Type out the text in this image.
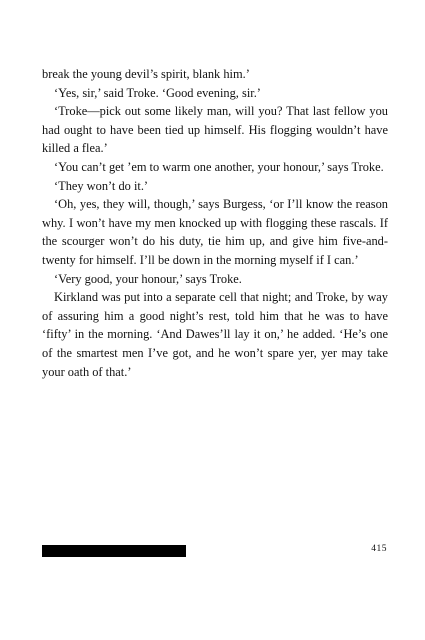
break the young devil’s spirit, blank him.’

‘Yes, sir,’ said Troke. ‘Good evening, sir.’

‘Troke—pick out some likely man, will you? That last fellow you had ought to have been tied up himself. His flogging wouldn’t have killed a flea.’

‘You can’t get ’em to warm one another, your honour,’ says Troke.

‘They won’t do it.’

‘Oh, yes, they will, though,’ says Burgess, ‘or I’ll know the reason why. I won’t have my men knocked up with flogging these rascals. If the scourger won’t do his duty, tie him up, and give him five-and-twenty for himself. I’ll be down in the morning myself if I can.’

‘Very good, your honour,’ says Troke.

Kirkland was put into a separate cell that night; and Troke, by way of assuring him a good night’s rest, told him that he was to have ‘fifty’ in the morning. ‘And Dawes’ll lay it on,’ he added. ‘He’s one of the smartest men I’ve got, and he won’t spare yer, yer may take your oath of that.’

415
